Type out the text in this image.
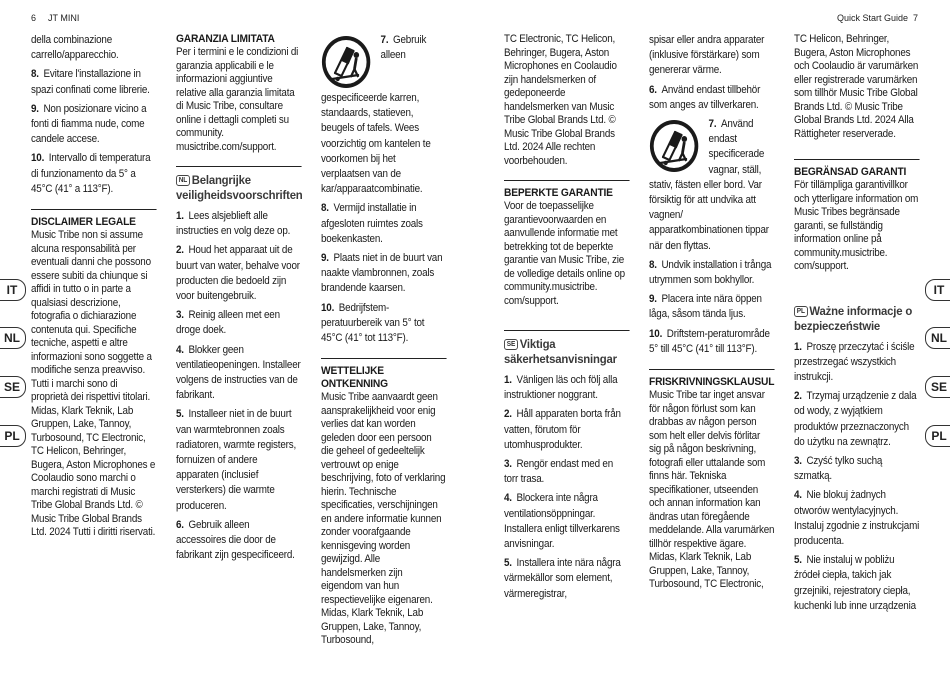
6 JT MINI	Quick Start Guide 7
IT
NL
SE
PL
IT
NL
SE
PL

della combinazione carrello/apparecchio.

8. Evitare l'installazione in spazi confinati come librerie.

9. Non posizionare vicino a fonti di fiamma nude, come candele accese.

10. Intervallo di temperatura di funzionamento da 5° a 45°C (41° a 113°F).

DISCLAIMER LEGALE

Music Tribe non si assume alcuna responsabilità per eventuali danni che possono essere subiti da chiunque si affidi in tutto o in parte a qualsiasi descrizione, fotografia o dichiarazione contenuta qui. Specifiche tecniche, aspetti e altre informazioni sono soggette a modifiche senza preavviso. Tutti i marchi sono di proprietà dei rispettivi titolari. Midas, Klark Teknik, Lab Gruppen, Lake, Tannoy, Turbosound, TC Electronic, TC Helicon, Behringer, Bugera, Aston Microphones e Coolaudio sono marchi o marchi registrati di Music Tribe Global Brands Ltd. © Music Tribe Global Brands Ltd. 2024 Tutti i diritti riservati.

GARANZIA LIMITATA

Per i termini e le condizioni di garanzia applicabili e le informazioni aggiuntive relative alla garanzia limitata di Music Tribe, consultare online i dettagli completi su community. musictribe.com/support.

NL Belangrijke veiligheidsvoorschriften

1. Lees alsjeblieft alle instructies en volg deze op.

2. Houd het apparaat uit de buurt van water, behalve voor producten die bedoeld zijn voor buitengebruik.

3. Reinig alleen met een droge doek.

4. Blokker geen ventilatieopeningen. Installeer volgens de instructies van de fabrikant.

5. Installeer niet in de buurt van warmtebronnen zoals radiatoren, warmte registers, fornuizen of andere apparaten (inclusief versterkers) die warmte produceren.

6. Gebruik alleen accessoires die door de fabrikant zijn gespecificeerd.

7. Gebruik alleen gespecificeerde karren, standaards, statieven, beugels of tafels. Wees voorzichtig om kantelen te voorkomen bij het verplaatsen van de kar/apparaatcombinatie.

8. Vermijd installatie in afgesloten ruimtes zoals boekenkasten.

9. Plaats niet in de buurt van naakte vlambronnen, zoals brandende kaarsen.

10. Bedrijfstem-peratuurbereik van 5° tot 45°C (41° tot 113°F).

WETTELIJKE ONTKENNING

Music Tribe aanvaardt geen aansprakelijkheid voor enig verlies dat kan worden geleden door een persoon die geheel of gedeeltelijk vertrouwt op enige beschrijving, foto of verklaring hierin. Technische specificaties, verschijningen en andere informatie kunnen zonder voorafgaande kennisgeving worden gewijzigd. Alle handelsmerken zijn eigendom van hun respectievelijke eigenaren. Midas, Klark Teknik, Lab Gruppen, Lake, Tannoy, Turbosound,

TC Electronic, TC Helicon, Behringer, Bugera, Aston Microphones en Coolaudio zijn handelsmerken of gedeponeerde handelsmerken van Music Tribe Global Brands Ltd. © Music Tribe Global Brands Ltd. 2024 Alle rechten voorbehouden.

BEPERKTE GARANTIE

Voor de toepasselijke garantievoorwaarden en aanvullende informatie met betrekking tot de beperkte garantie van Music Tribe, zie de volledige details online op community.musictribe. com/support.

SE Viktiga säkerhetsanvisningar

1. Vänligen läs och följ alla instruktioner noggrant.

2. Håll apparaten borta från vatten, förutom för utomhusprodukter.

3. Rengör endast med en torr trasa.

4. Blockera inte några ventilationsöppningar. Installera enligt tillverkarens anvisningar.

5. Installera inte nära några värmekällor som element, värmeregistrar,

spisar eller andra apparater (inklusive förstärkare) som genererar värme.

6. Använd endast tillbehör som anges av tillverkaren.

7. Använd endast specificerade vagnar, ställ, stativ, fästen eller bord. Var försiktig för att undvika att vagnen/ apparatkombinationen tippar när den flyttas.

8. Undvik installation i trånga utrymmen som bokhyllor.

9. Placera inte nära öppen låga, såsom tända ljus.

10. Driftstem-peraturområde 5° till 45°C (41° till 113°F).

FRISKRIVNINGSKLAUSUL

Music Tribe tar inget ansvar för någon förlust som kan drabbas av någon person som helt eller delvis förlitar sig på någon beskrivning, fotografi eller uttalande som finns här. Tekniska specifikationer, utseenden och annan information kan ändras utan föregående meddelande. Alla varumärken tillhör respektive ägare. Midas, Klark Teknik, Lab Gruppen, Lake, Tannoy, Turbosound, TC Electronic,

TC Helicon, Behringer, Bugera, Aston Microphones och Coolaudio är varumärken eller registrerade varumärken som tillhör Music Tribe Global Brands Ltd. © Music Tribe Global Brands Ltd. 2024 Alla Rättigheter reserverade.

BEGRÄNSAD GARANTI

För tillämpliga garantivillkor och ytterligare information om Music Tribes begränsade garanti, se fullständig information online på community.musictribe. com/support.

PL Ważne informacje o bezpieczeństwie

1. Proszę przeczytać i ściśle przestrzegać wszystkich instrukcji.

2. Trzymaj urządzenie z dala od wody, z wyjątkiem produktów przeznaczonych do użytku na zewnątrz.

3. Czyść tylko suchą szmatką.

4. Nie blokuj żadnych otworów wentylacyjnych. Instaluj zgodnie z instrukcjami producenta.

5. Nie instaluj w pobliżu źródeł ciepła, takich jak grzejniki, rejestratory ciepła, kuchenki lub inne urządzenia
